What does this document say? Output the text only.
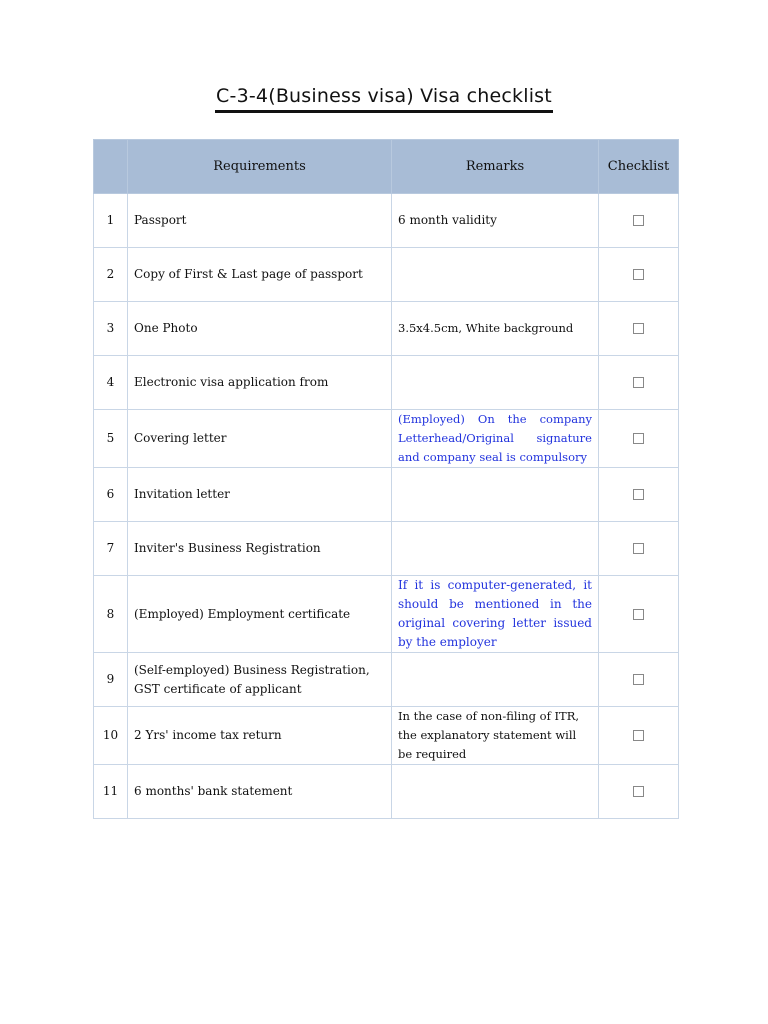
C-3-4(Business visa) Visa checklist
	Requirements	Remarks	Checklist
1	Passport	6 month validity	
2	Copy of First & Last page of passport		
3	One Photo	3.5x4.5cm, White background	
4	Electronic visa application from		
5	Covering letter	(Employed) On the company Letterhead/Original signature and company seal is compulsory	
6	Invitation letter		
7	Inviter's Business Registration		
8	(Employed) Employment certificate	If it is computer-generated, it should be mentioned in the original covering letter issued by the employer	
9	(Self-employed) Business Registration, GST certificate of applicant		
10	2 Yrs' income tax return	In the case of non-filing of ITR, the explanatory statement will be required	
11	6 months' bank statement		
